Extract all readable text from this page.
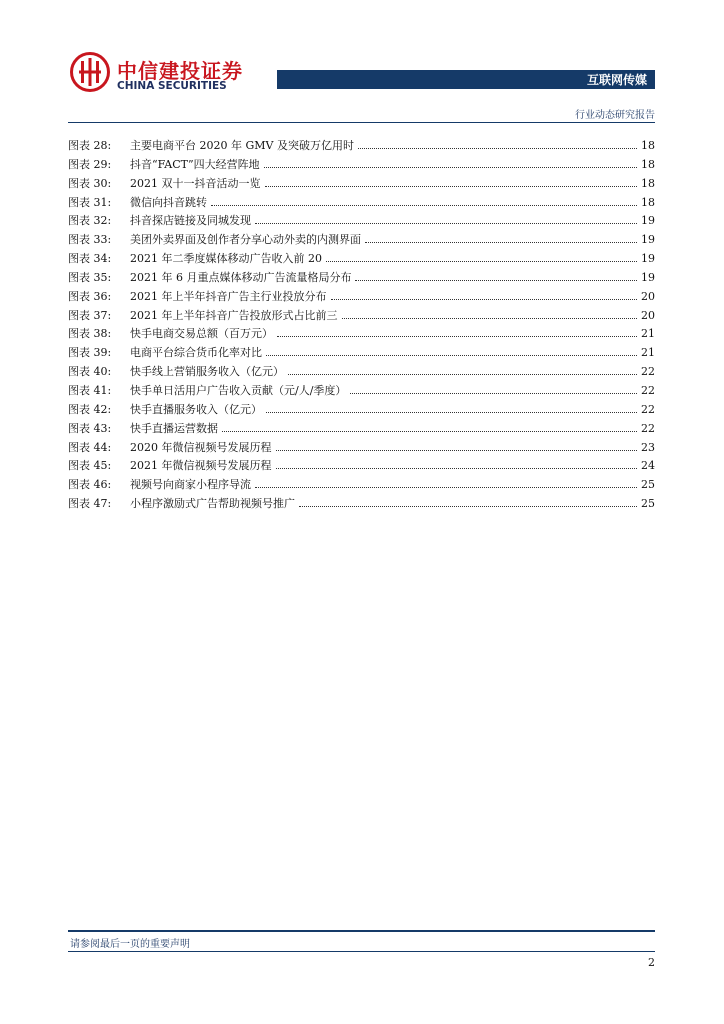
中信建投证券
CHINA SECURITIES	互联网传媒
行业动态研究报告
图表 28:	主要电商平台 2020 年 GMV 及突破万亿用时	18
图表 29:	抖音“FACT”四大经营阵地	18
图表 30:	2021 双十一抖音活动一览	18
图表 31:	微信向抖音跳转	18
图表 32:	抖音探店链接及同城发现	19
图表 33:	美团外卖界面及创作者分享心动外卖的内测界面	19
图表 34:	2021 年二季度媒体移动广告收入前 20	19
图表 35:	2021 年 6 月重点媒体移动广告流量格局分布	19
图表 36:	2021 年上半年抖音广告主行业投放分布	20
图表 37:	2021 年上半年抖音广告投放形式占比前三	20
图表 38:	快手电商交易总额（百万元）	21
图表 39:	电商平台综合货币化率对比	21
图表 40:	快手线上营销服务收入（亿元）	22
图表 41:	快手单日活用户广告收入贡献（元/人/季度）	22
图表 42:	快手直播服务收入（亿元）	22
图表 43:	快手直播运营数据	22
图表 44:	2020 年微信视频号发展历程	23
图表 45:	2021 年微信视频号发展历程	24
图表 46:	视频号向商家小程序导流	25
图表 47:	小程序激励式广告帮助视频号推广	25
请参阅最后一页的重要声明
2
